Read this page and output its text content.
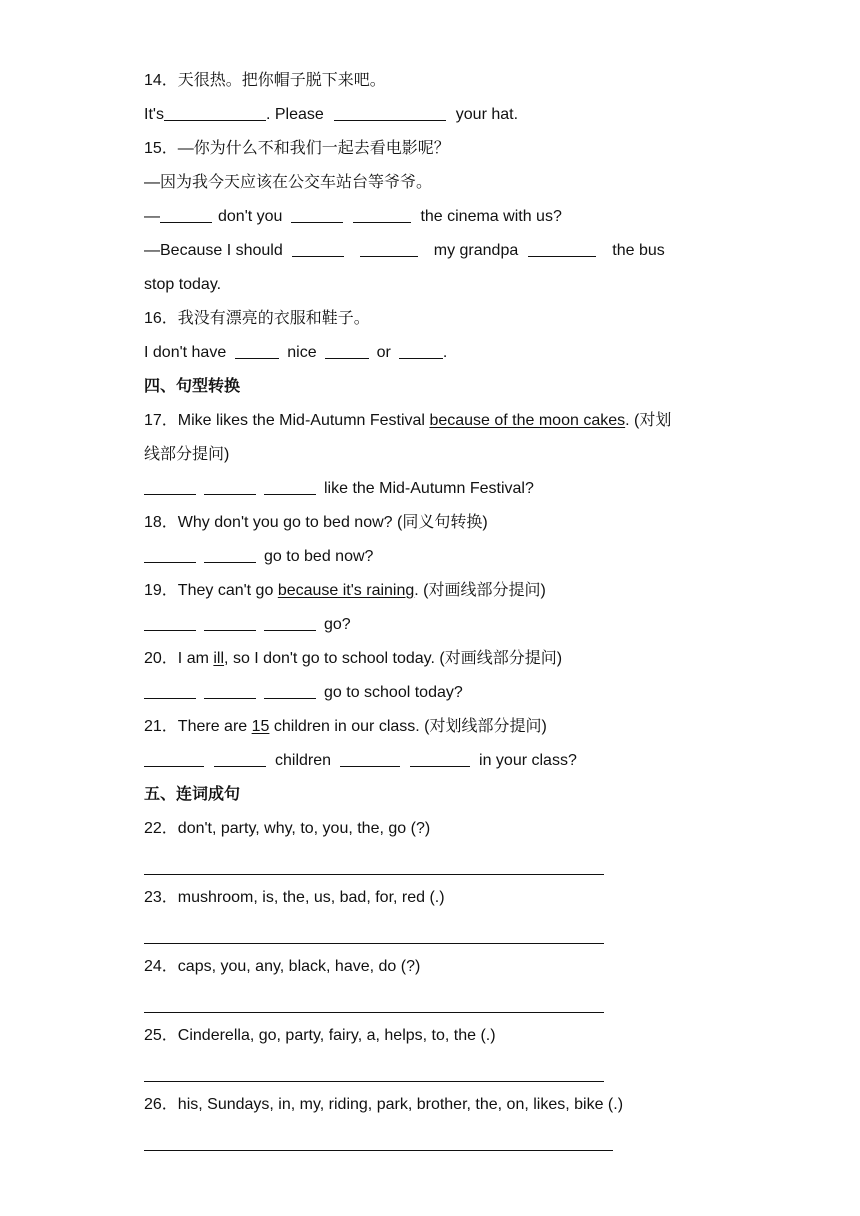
14．天很热。把你帽子脱下来吧。
It's	. Please	your hat.
15．—你为什么不和我们一起去看电影呢？
—因为我今天应该在公交车站台等爷爷。
—	don't you	the cinema with us?
—Because I should	my grandpa	the bus
stop today.
16．我没有漂亮的衣服和鞋子。
I don't have	nice	or	.
四、句型转换
17．Mike likes the Mid-Autumn Festival because of the moon cakes. (对划
线部分提问)
like the Mid-Autumn Festival?
18．Why don't you go to bed now? (同义句转换)
go to bed now?
19．They can't go because it's raining. (对画线部分提问)
go?
20．I am ill, so I don't go to school today. (对画线部分提问)
go to school today?
21．There are 15 children in our class. (对划线部分提问)
children	in your class?
五、连词成句
22．don't, party, why, to, you, the, go (?)
23．mushroom, is, the, us, bad, for, red (.)
24．caps, you, any, black, have, do (?)
25．Cinderella, go, party, fairy, a, helps, to, the (.)
26．his, Sundays, in, my, riding, park, brother, the, on, likes, bike (.)
